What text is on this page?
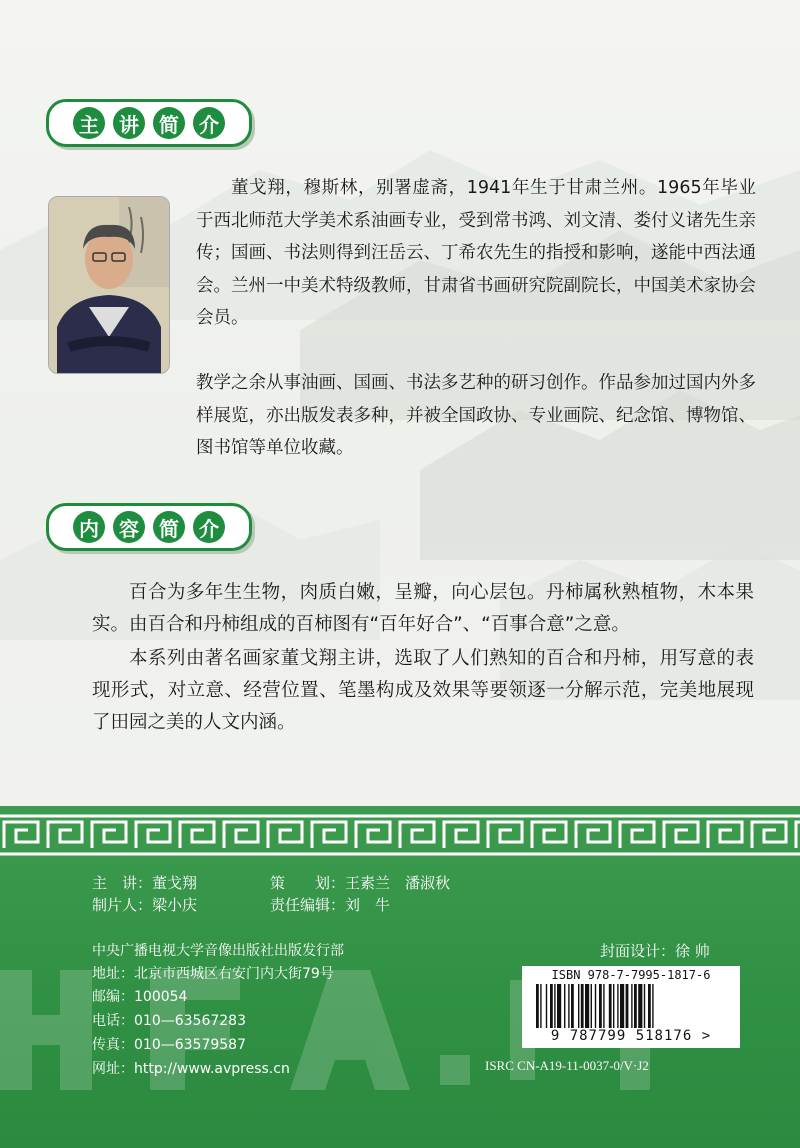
主	讲	简	介
董戈翔，穆斯林，别署虚斋，1941年生于甘肃兰州。1965年毕业于西北师范大学美术系油画专业，受到常书鸿、刘文清、娄付义诸先生亲传；国画、书法则得到汪岳云、丁希农先生的指授和影响，遂能中西法通会。兰州一中美术特级教师，甘肃省书画研究院副院长，中国美术家协会会员。
教学之余从事油画、国画、书法多艺种的研习创作。作品参加过国内外多样展览，亦出版发表多种，并被全国政协、专业画院、纪念馆、博物馆、图书馆等单位收藏。
内	容	简	介

百合为多年生生物，肉质白嫩，呈瓣，向心层包。丹柿属秋熟植物，木本果实。由百合和丹柿组成的百柿图有“百年好合”、“百事合意”之意。

本系列由著名画家董戈翔主讲，选取了人们熟知的百合和丹柿，用写意的表现形式，对立意、经营位置、笔墨构成及效果等要领逐一分解示范，完美地展现了田园之美的人文内涵。

主　讲：董戈翔	策　　划：王素兰　潘淑秋
制片人：梁小庆	责任编辑：刘　牛
封面设计：徐 帅
中央广播电视大学音像出版社出版发行部
地址：北京市西城区右安门内大街79号
邮编：100054
电话：010—63567283
传真：010—63579587
网址：http://www.avpress.cn
ISBN 978-7-7995-1817-6
9 787799 518176 >
ISRC CN-A19-11-0037-0/V·J2
